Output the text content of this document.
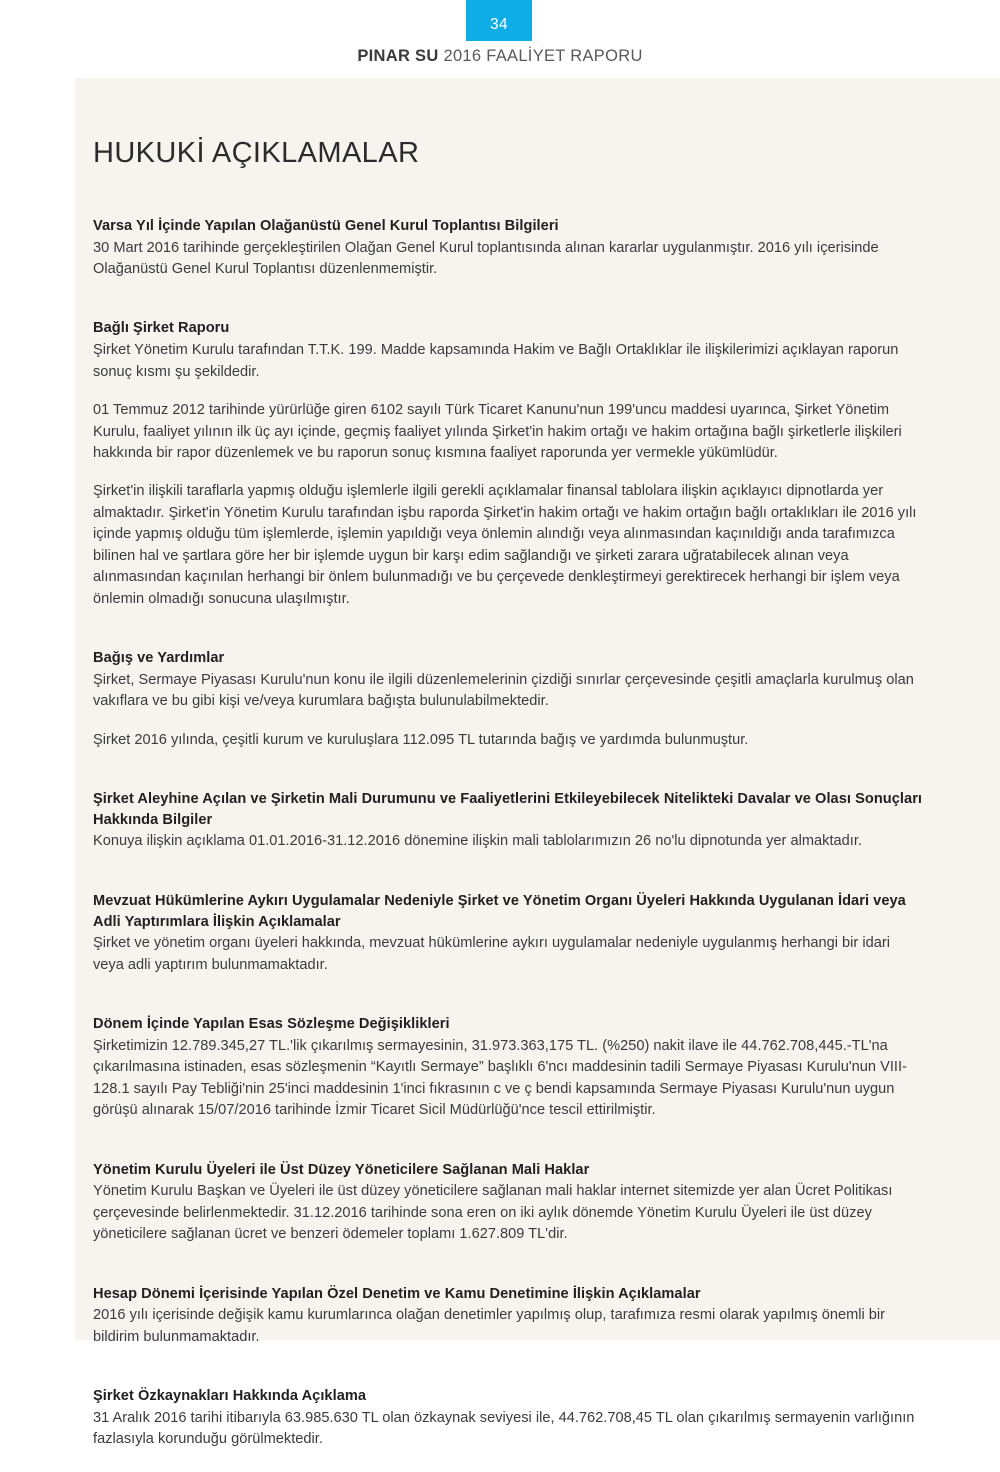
34
PINAR SU 2016 FAALİYET RAPORU
HUKUKİ AÇIKLAMALAR
Varsa Yıl İçinde Yapılan Olağanüstü Genel Kurul Toplantısı Bilgileri

30 Mart 2016 tarihinde gerçekleştirilen Olağan Genel Kurul toplantısında alınan kararlar uygulanmıştır. 2016 yılı içerisinde Olağanüstü Genel Kurul Toplantısı düzenlenmemiştir.

Bağlı Şirket Raporu

Şirket Yönetim Kurulu tarafından T.T.K. 199. Madde kapsamında Hakim ve Bağlı Ortaklıklar ile ilişkilerimizi açıklayan raporun sonuç kısmı şu şekildedir.

01 Temmuz 2012 tarihinde yürürlüğe giren 6102 sayılı Türk Ticaret Kanunu'nun 199'uncu maddesi uyarınca, Şirket Yönetim Kurulu, faaliyet yılının ilk üç ayı içinde, geçmiş faaliyet yılında Şirket'in hakim ortağı ve hakim ortağına bağlı şirketlerle ilişkileri hakkında bir rapor düzenlemek ve bu raporun sonuç kısmına faaliyet raporunda yer vermekle yükümlüdür.

Şirket'in ilişkili taraflarla yapmış olduğu işlemlerle ilgili gerekli açıklamalar finansal tablolara ilişkin açıklayıcı dipnotlarda yer almaktadır. Şirket'in Yönetim Kurulu tarafından işbu raporda Şirket'in hakim ortağı ve hakim ortağın bağlı ortaklıkları ile 2016 yılı içinde yapmış olduğu tüm işlemlerde, işlemin yapıldığı veya önlemin alındığı veya alınmasından kaçınıldığı anda tarafımızca bilinen hal ve şartlara göre her bir işlemde uygun bir karşı edim sağlandığı ve şirketi zarara uğratabilecek alınan veya alınmasından kaçınılan herhangi bir önlem bulunmadığı ve bu çerçevede denkleştirmeyi gerektirecek herhangi bir işlem veya önlemin olmadığı sonucuna ulaşılmıştır.

Bağış ve Yardımlar

Şirket, Sermaye Piyasası Kurulu'nun konu ile ilgili düzenlemelerinin çizdiği sınırlar çerçevesinde çeşitli amaçlarla kurulmuş olan vakıflara ve bu gibi kişi ve/veya kurumlara bağışta bulunulabilmektedir.

Şirket 2016 yılında, çeşitli kurum ve kuruluşlara 112.095 TL tutarında bağış ve yardımda bulunmuştur.

Şirket Aleyhine Açılan ve Şirketin Mali Durumunu ve Faaliyetlerini Etkileyebilecek Nitelikteki Davalar ve Olası Sonuçları Hakkında Bilgiler

Konuya ilişkin açıklama 01.01.2016-31.12.2016 dönemine ilişkin mali tablolarımızın 26 no'lu dipnotunda yer almaktadır.

Mevzuat Hükümlerine Aykırı Uygulamalar Nedeniyle Şirket ve Yönetim Organı Üyeleri Hakkında Uygulanan İdari veya Adli Yaptırımlara İlişkin Açıklamalar

Şirket ve yönetim organı üyeleri hakkında, mevzuat hükümlerine aykırı uygulamalar nedeniyle uygulanmış herhangi bir idari veya adli yaptırım bulunmamaktadır.

Dönem İçinde Yapılan Esas Sözleşme Değişiklikleri

Şirketimizin 12.789.345,27 TL.'lik çıkarılmış sermayesinin, 31.973.363,175 TL. (%250) nakit ilave ile 44.762.708,445.-TL'na çıkarılmasına istinaden, esas sözleşmenin “Kayıtlı Sermaye” başlıklı 6'ncı maddesinin tadili Sermaye Piyasası Kurulu'nun VIII-128.1 sayılı Pay Tebliği'nin 25'inci maddesinin 1'inci fıkrasının c ve ç bendi kapsamında Sermaye Piyasası Kurulu'nun uygun görüşü alınarak 15/07/2016 tarihinde İzmir Ticaret Sicil Müdürlüğü'nce tescil ettirilmiştir.

Yönetim Kurulu Üyeleri ile Üst Düzey Yöneticilere Sağlanan Mali Haklar

Yönetim Kurulu Başkan ve Üyeleri ile üst düzey yöneticilere sağlanan mali haklar internet sitemizde yer alan Ücret Politikası çerçevesinde belirlenmektedir. 31.12.2016 tarihinde sona eren on iki aylık dönemde Yönetim Kurulu Üyeleri ile üst düzey yöneticilere sağlanan ücret ve benzeri ödemeler toplamı 1.627.809 TL'dir.

Hesap Dönemi İçerisinde Yapılan Özel Denetim ve Kamu Denetimine İlişkin Açıklamalar

2016 yılı içerisinde değişik kamu kurumlarınca olağan denetimler yapılmış olup, tarafımıza resmi olarak yapılmış önemli bir bildirim bulunmamaktadır.

Şirket Özkaynakları Hakkında Açıklama

31 Aralık 2016 tarihi itibarıyla 63.985.630 TL olan özkaynak seviyesi ile, 44.762.708,45 TL olan çıkarılmış sermayenin varlığının fazlasıyla korunduğu görülmektedir.
